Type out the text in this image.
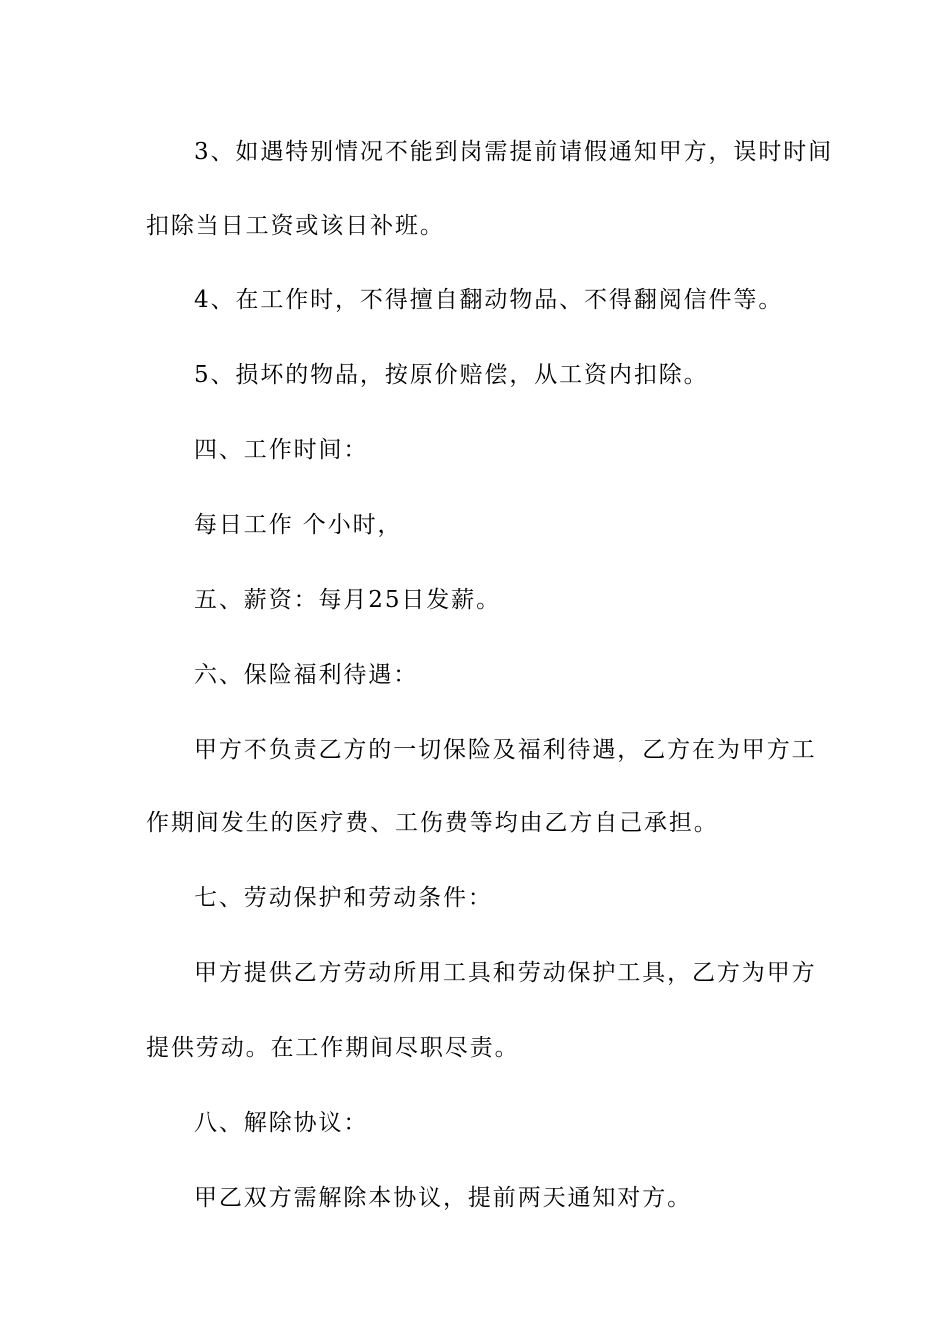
3、如遇特别情况不能到岗需提前请假通知甲方，误时时间
扣除当日工资或该日补班。
4、在工作时，不得擅自翻动物品、不得翻阅信件等。
5、损坏的物品，按原价赔偿，从工资内扣除。
四、工作时间：
每日工作 个小时，
五、薪资：每月25日发薪。
六、保险福利待遇：
甲方不负责乙方的一切保险及福利待遇，乙方在为甲方工
作期间发生的医疗费、工伤费等均由乙方自己承担。
七、劳动保护和劳动条件：
甲方提供乙方劳动所用工具和劳动保护工具，乙方为甲方
提供劳动。在工作期间尽职尽责。
八、解除协议：
甲乙双方需解除本协议，提前两天通知对方。
